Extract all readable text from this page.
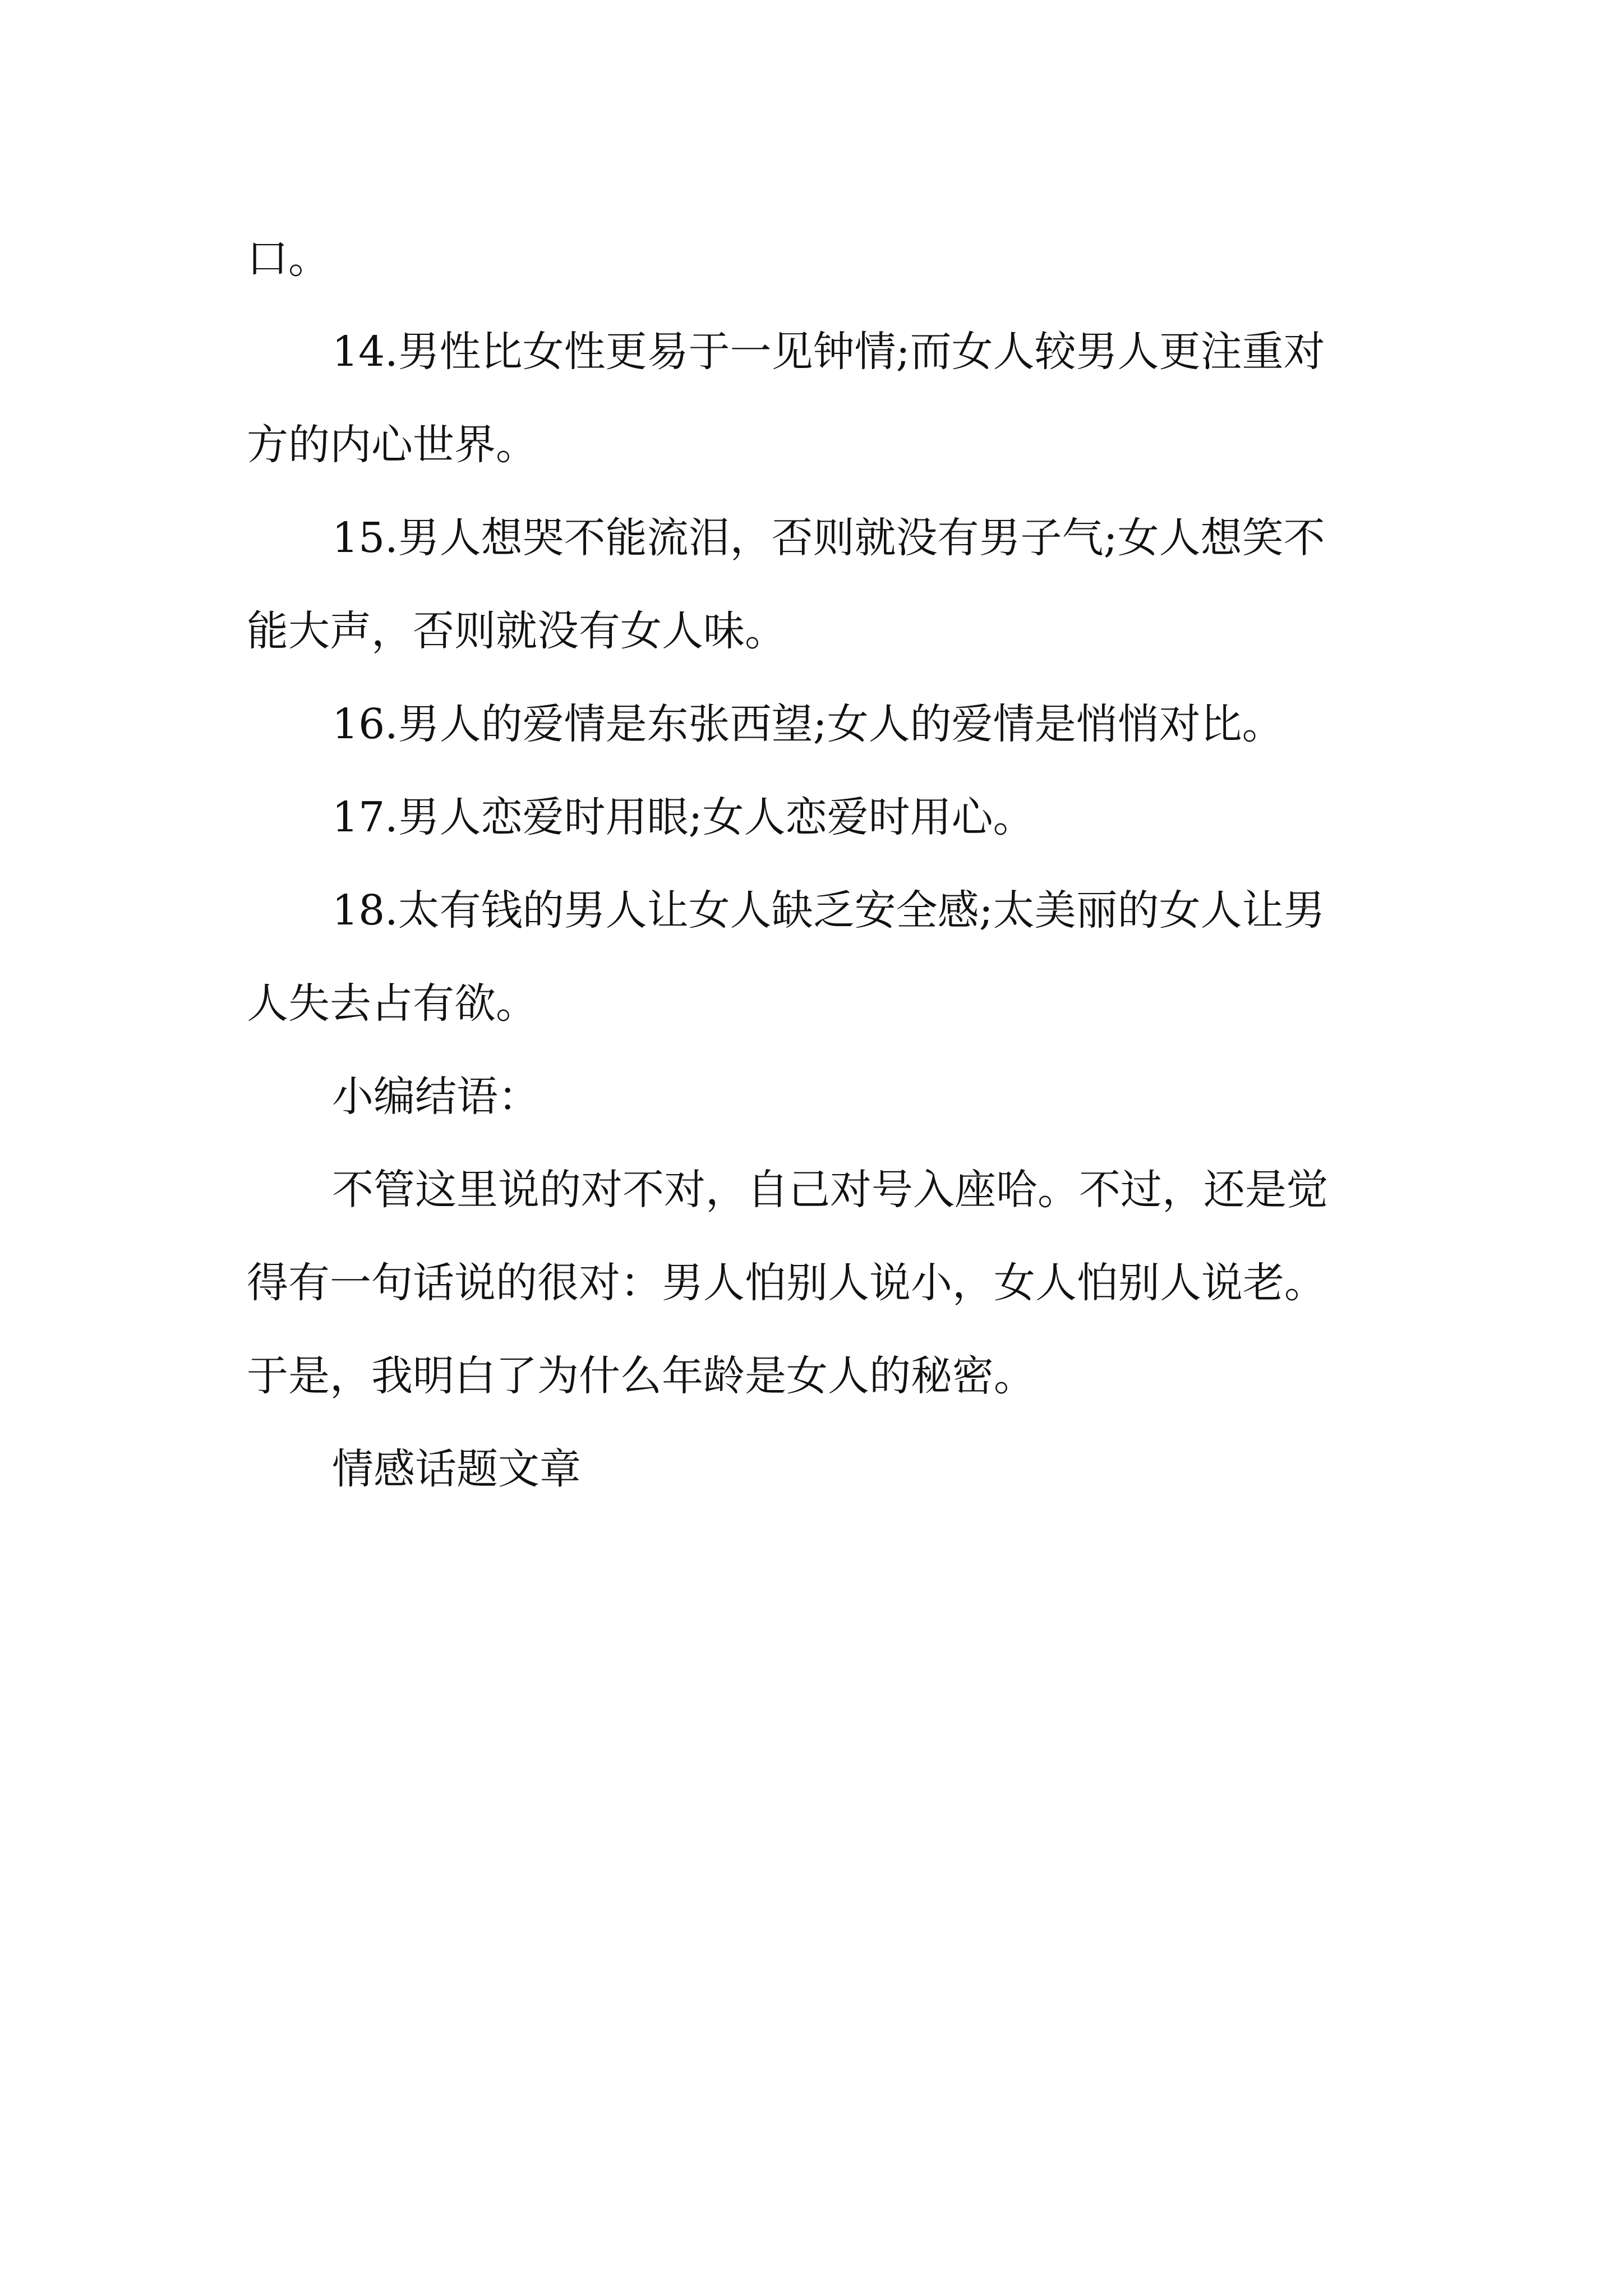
口。
14.男性比女性更易于一见钟情;而女人较男人更注重对
方的内心世界。
15.男人想哭不能流泪，否则就没有男子气;女人想笑不
能大声，否则就没有女人味。
16.男人的爱情是东张西望;女人的爱情是悄悄对比。
17.男人恋爱时用眼;女人恋爱时用心。
18.太有钱的男人让女人缺乏安全感;太美丽的女人让男
人失去占有欲。
小编结语：
不管这里说的对不对，自己对号入座哈。不过，还是觉
得有一句话说的很对：男人怕别人说小，女人怕别人说老。
于是，我明白了为什么年龄是女人的秘密。
情感话题文章
